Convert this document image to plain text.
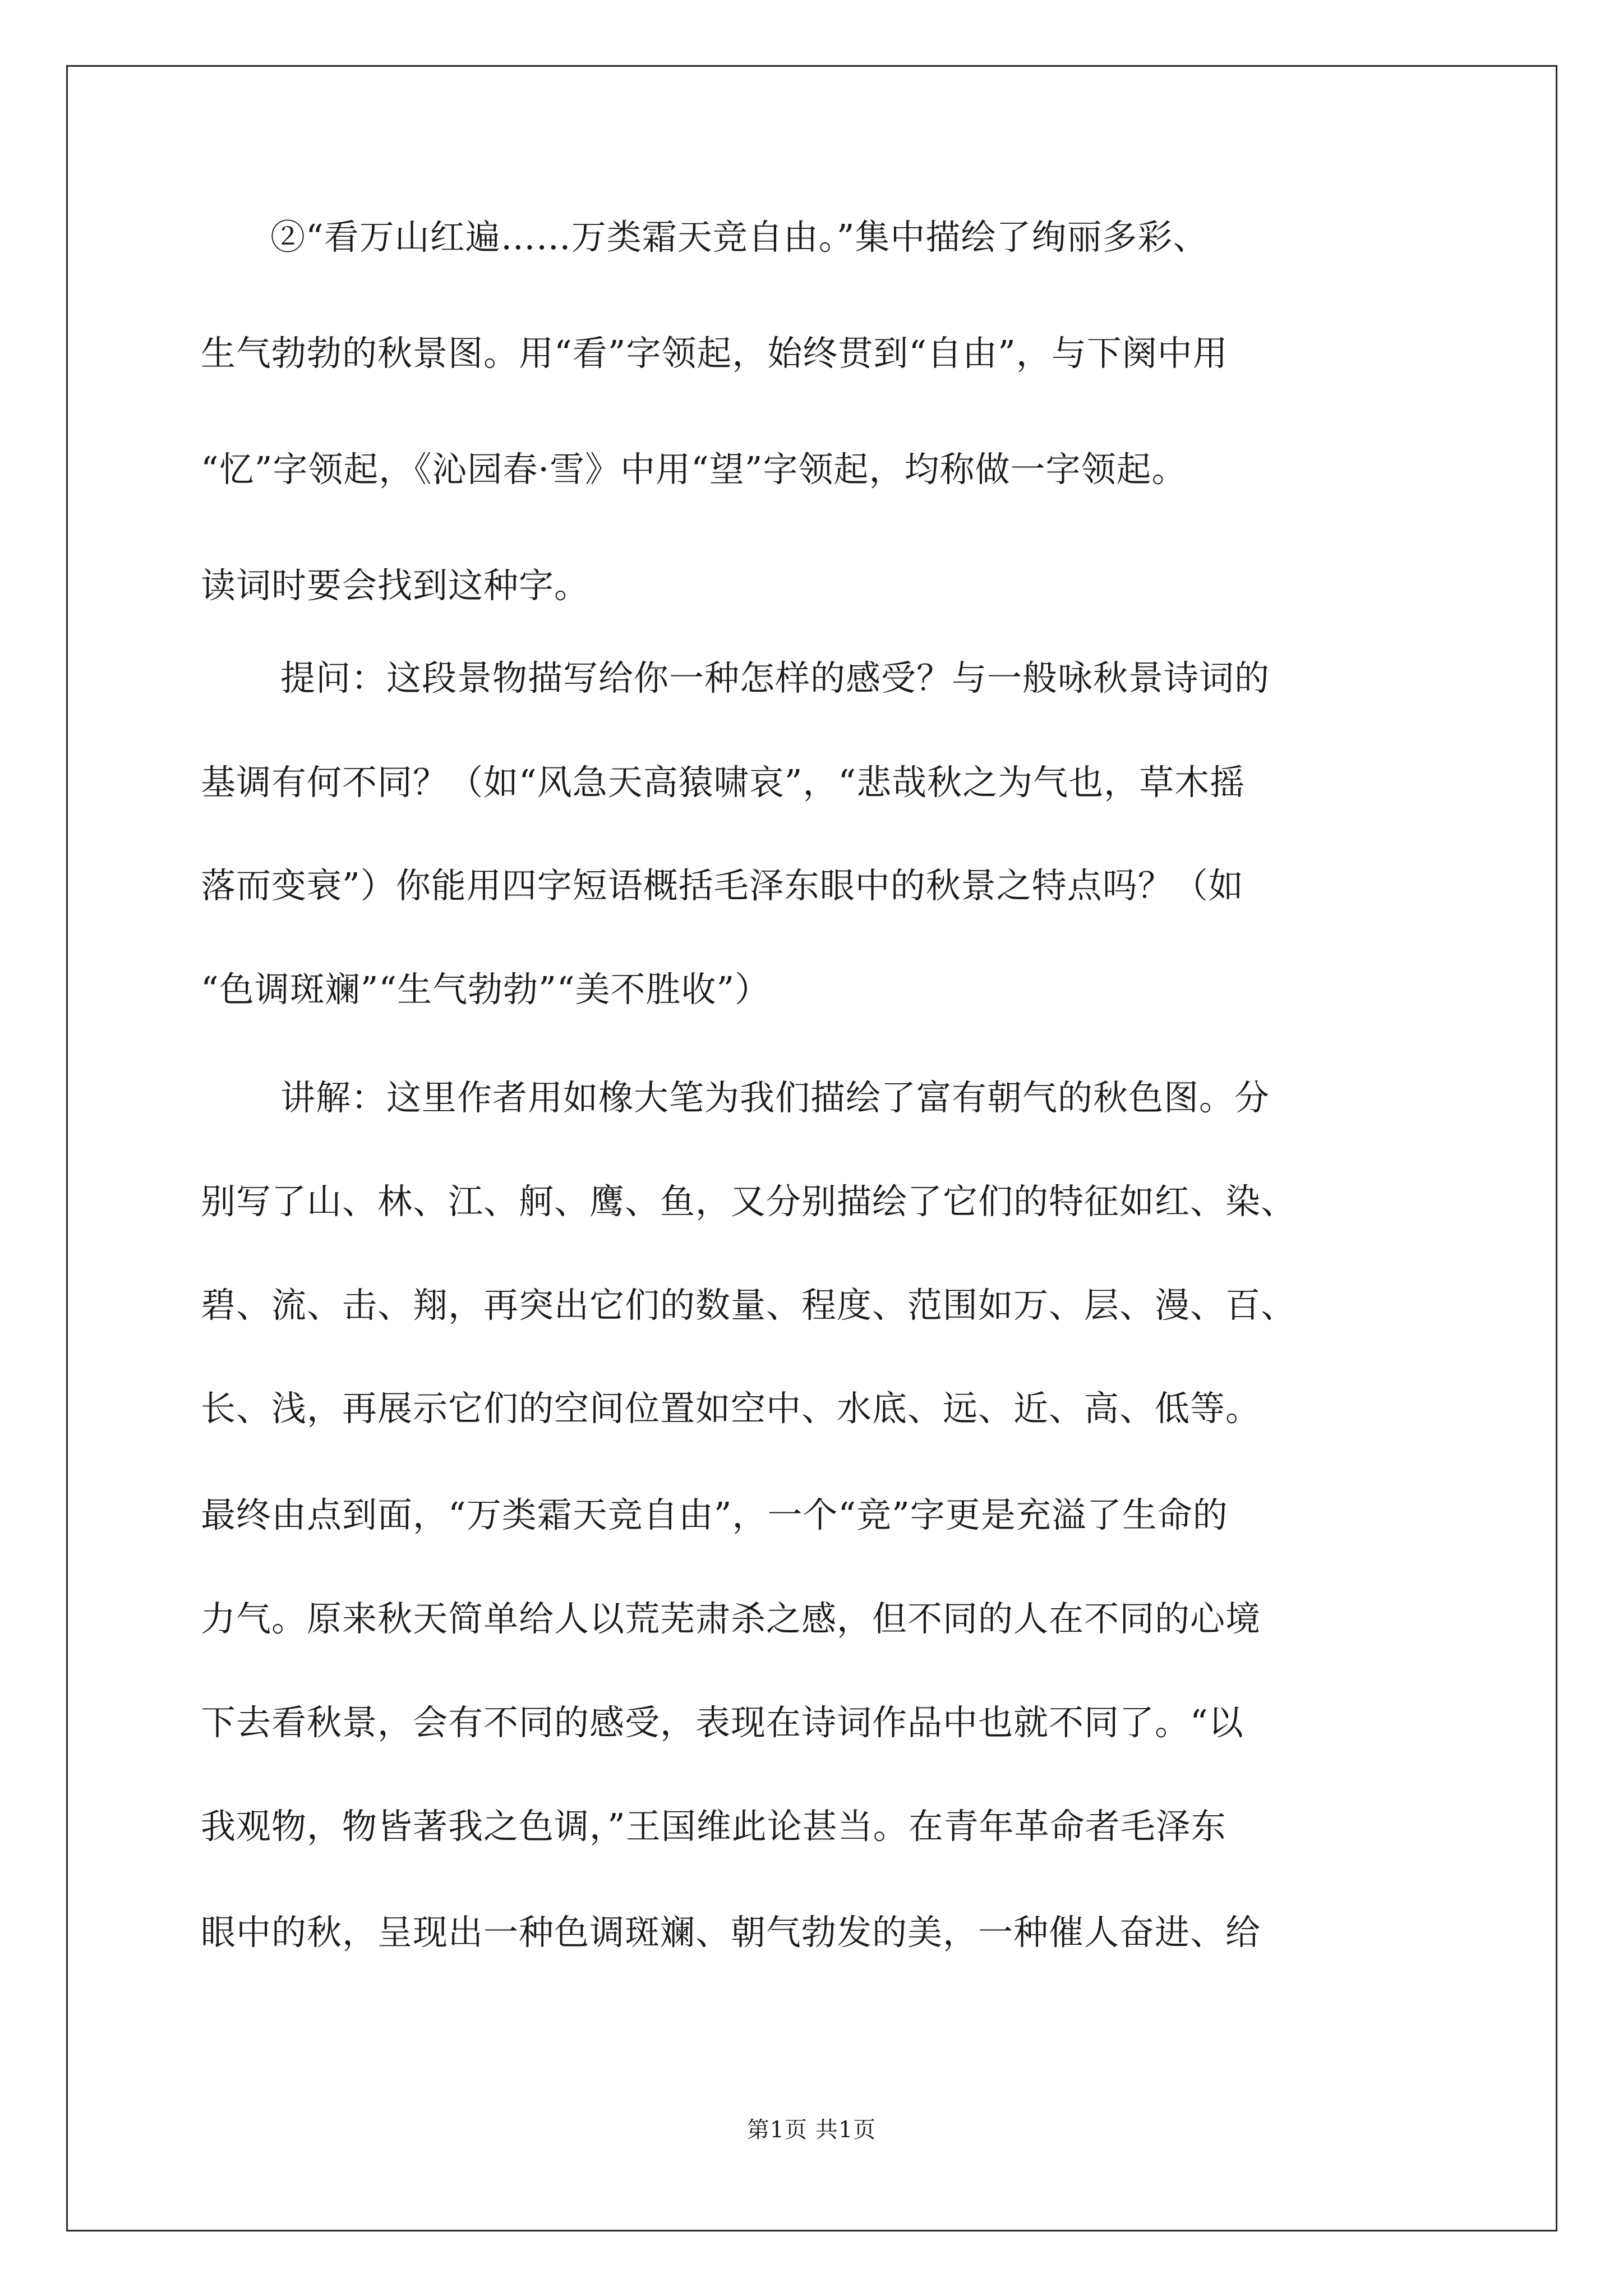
②“看万山红遍……万类霜天竞自由。”集中描绘了绚丽多彩、
生气勃勃的秋景图。用“看”字领起，始终贯到“自由”，与下阕中用
“忆”字领起，《沁园春·雪》中用“望”字领起，均称做一字领起。
读词时要会找到这种字。
提问：这段景物描写给你一种怎样的感受？与一般咏秋景诗词的
基调有何不同？（如“风急天高猿啸哀”，“悲哉秋之为气也，草木摇
落而变衰”）你能用四字短语概括毛泽东眼中的秋景之特点吗？（如
“色调斑斓”“生气勃勃”“美不胜收”）
讲解：这里作者用如橡大笔为我们描绘了富有朝气的秋色图。分
别写了山、林、江、舸、鹰、鱼，又分别描绘了它们的特征如红、染、
碧、流、击、翔，再突出它们的数量、程度、范围如万、层、漫、百、
长、浅，再展示它们的空间位置如空中、水底、远、近、高、低等。
最终由点到面，“万类霜天竞自由”，一个“竞”字更是充溢了生命的
力气。原来秋天简单给人以荒芜肃杀之感，但不同的人在不同的心境
下去看秋景，会有不同的感受，表现在诗词作品中也就不同了。“以
我观物，物皆著我之色调，”王国维此论甚当。在青年革命者毛泽东
眼中的秋，呈现出一种色调斑斓、朝气勃发的美，一种催人奋进、给
第1页 共1页
